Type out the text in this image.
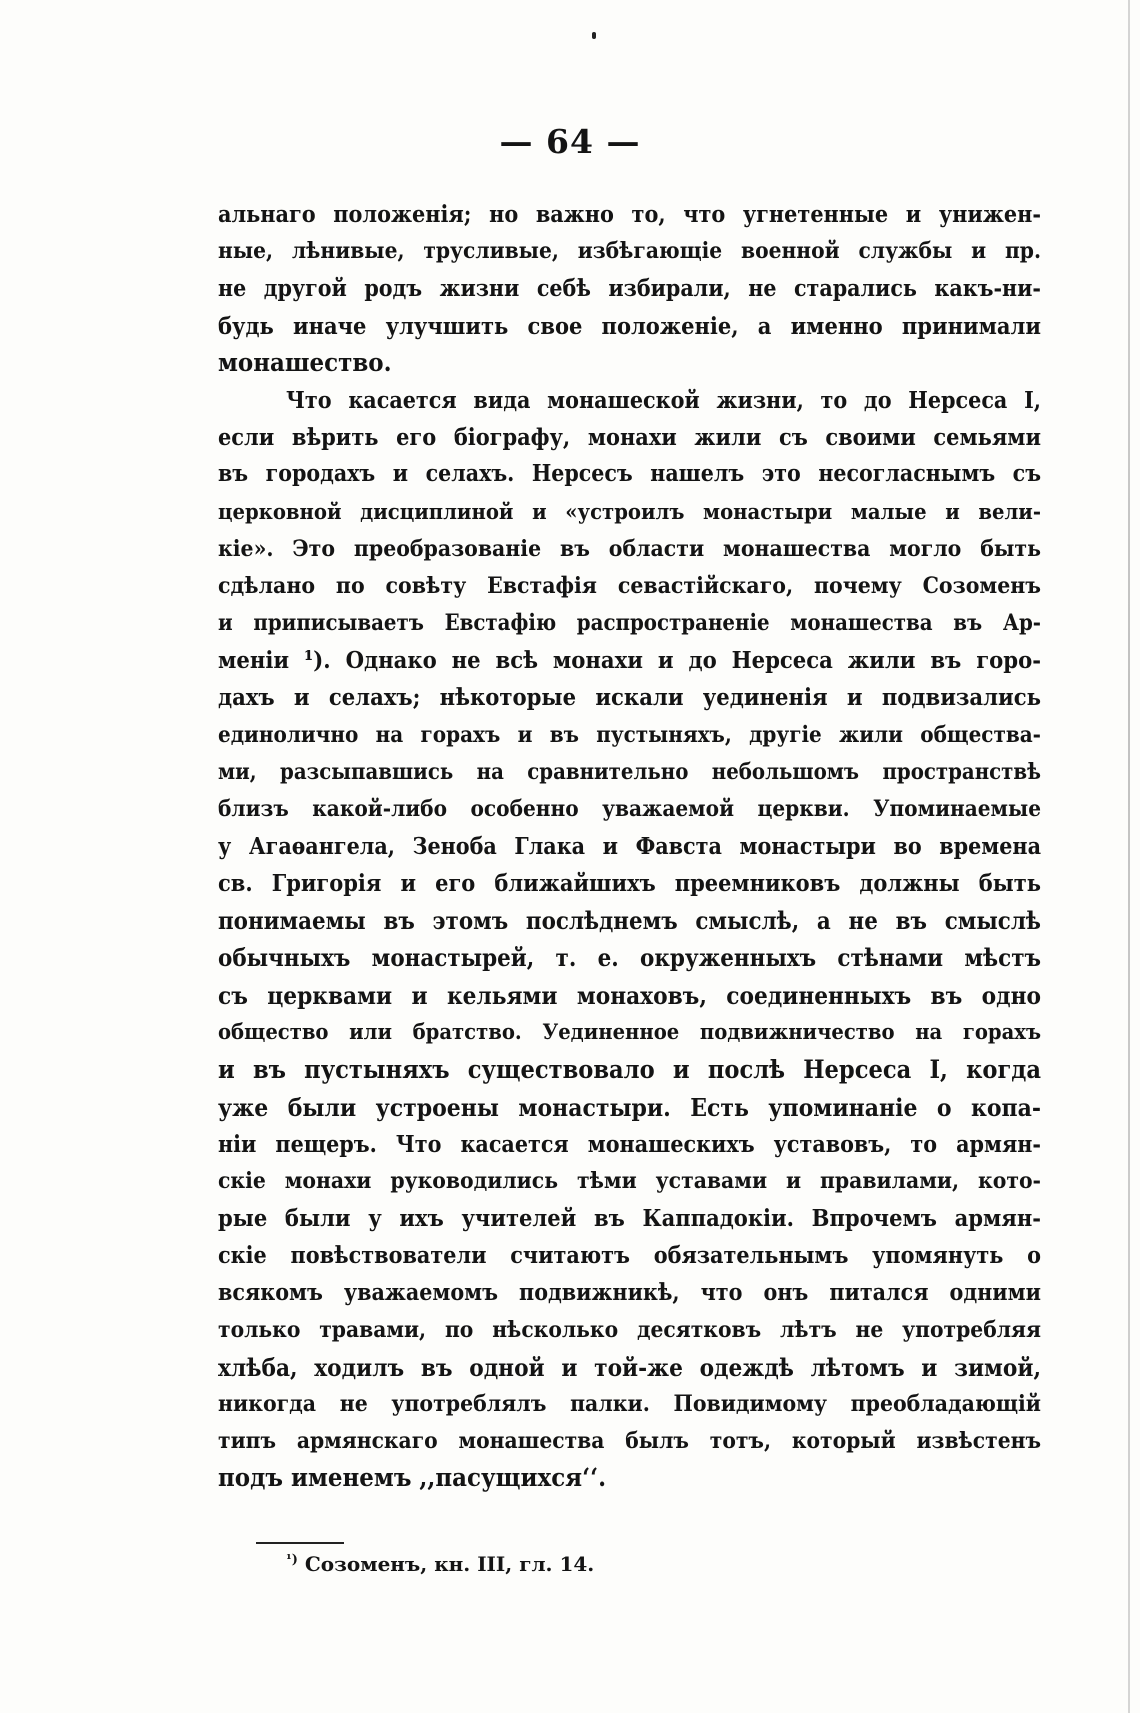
— 64 —
альнаго положенія; но важно то, что угнетенные и унижен-
ные, лѣнивые, трусливые, избѣгающіе военной службы и пр.
не другой родъ жизни себѣ избирали, не старались какъ-ни-
будь иначе улучшить свое положеніе, а именно принимали
монашество.
Что касается вида монашеской жизни, то до Нерсеса I,
если вѣрить его біографу, монахи жили съ своими семьями
въ городахъ и селахъ. Нерсесъ нашелъ это несогласнымъ съ
церковной дисциплиной и «устроилъ монастыри малые и вели-
кіе». Это преобразованіе въ области монашества могло быть
сдѣлано по совѣту Евстафія севастійскаго, почему Созоменъ
и приписываетъ Евстафію распространеніе монашества въ Ар-
меніи ¹). Однако не всѣ монахи и до Нерсеса жили въ горо-
дахъ и селахъ; нѣкоторые искали уединенія и подвизались
единолично на горахъ и въ пустыняхъ, другіе жили обществa-
ми, разсыпавшись на сравнительно небольшомъ пространствѣ
близъ какой-либо особенно уважаемой церкви. Упоминаемые
у Агаѳангела, Зеноба Глака и Фавста монастыри во времена
св. Григорія и его ближайшихъ преемниковъ должны быть
понимаемы въ этомъ послѣднемъ смыслѣ, а не въ смыслѣ
обычныхъ монастырей, т. е. окруженныхъ стѣнами мѣстъ
съ церквами и кельями монаховъ, соединенныхъ въ одно
общество или братство. Уединенное подвижничество на горахъ
и въ пустыняхъ существовало и послѣ Нерсеса I, когда
уже были устроены монастыри. Есть упоминаніе о копа-
ніи пещеръ. Что касается монашескихъ уставовъ, то армян-
скіе монахи руководились тѣми уставами и правилами, кото-
рые были у ихъ учителей въ Каппадокіи. Впрочемъ армян-
скіе повѣствователи считаютъ обязательнымъ упомянуть о
всякомъ уважаемомъ подвижникѣ, что онъ питался одними
только травами, по нѣсколько десятковъ лѣтъ не употребляя
хлѣба, ходилъ въ одной и той-же одеждѣ лѣтомъ и зимой,
никогда не употреблялъ палки. Повидимому преобладающій
типъ армянскаго монашества былъ тотъ, который извѣстенъ
подъ именемъ ,,пасущихся‘‘.
$^{^1)}$ Созоменъ, кн. III, гл. 14.
